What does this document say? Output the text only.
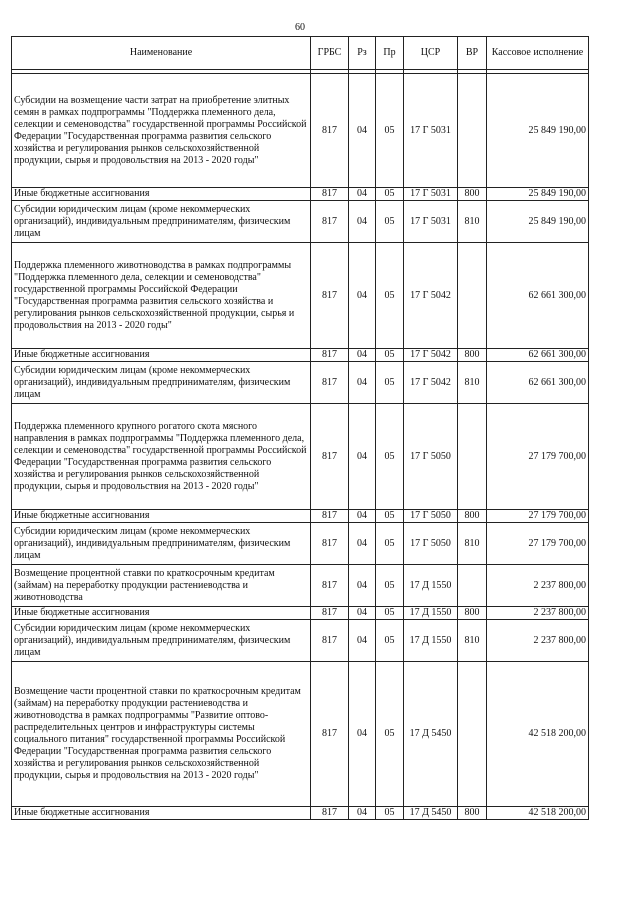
60
Наименование	ГРБС	Рз	Пр	ЦСР	ВР	Кассовое исполнение

Субсидии на возмещение части затрат на приобретение элитных семян в рамках подпрограммы "Поддержка племенного дела, селекции и семеноводства" государственной программы Российской Федерации "Государственная программа развития сельского хозяйства и регулирования рынков сельскохозяйственной продукции, сырья и продовольствия на 2013 - 2020 годы"	817	04	05	17 Г 5031		25 849 190,00
Иные бюджетные ассигнования	817	04	05	17 Г 5031	800	25 849 190,00
Субсидии юридическим лицам (кроме некоммерческих организаций), индивидуальным предпринимателям, физическим лицам	817	04	05	17 Г 5031	810	25 849 190,00
Поддержка племенного животноводства в рамках подпрограммы "Поддержка племенного дела, селекции и семеноводства" государственной программы Российской Федерации "Государственная программа развития сельского хозяйства и регулирования рынков сельскохозяйственной продукции, сырья и продовольствия на 2013 - 2020 годы"	817	04	05	17 Г 5042		62 661 300,00
Иные бюджетные ассигнования	817	04	05	17 Г 5042	800	62 661 300,00
Субсидии юридическим лицам (кроме некоммерческих организаций), индивидуальным предпринимателям, физическим лицам	817	04	05	17 Г 5042	810	62 661 300,00
Поддержка племенного крупного рогатого скота мясного направления в рамках подпрограммы "Поддержка племенного дела, селекции и семеноводства" государственной программы Российской Федерации "Государственная программа развития сельского хозяйства и регулирования рынков сельскохозяйственной продукции, сырья и продовольствия на 2013 - 2020 годы"	817	04	05	17 Г 5050		27 179 700,00
Иные бюджетные ассигнования	817	04	05	17 Г 5050	800	27 179 700,00
Субсидии юридическим лицам (кроме некоммерческих организаций), индивидуальным предпринимателям, физическим лицам	817	04	05	17 Г 5050	810	27 179 700,00
Возмещение процентной ставки по краткосрочным кредитам (займам) на переработку продукции растениеводства и животноводства	817	04	05	17 Д 1550		2 237 800,00
Иные бюджетные ассигнования	817	04	05	17 Д 1550	800	2 237 800,00
Субсидии юридическим лицам (кроме некоммерческих организаций), индивидуальным предпринимателям, физическим лицам	817	04	05	17 Д 1550	810	2 237 800,00
Возмещение части процентной ставки по краткосрочным кредитам (займам) на переработку продукции растениеводства и животноводства в рамках подпрограммы "Развитие оптово-распределительных центров и инфраструктуры системы социального питания" государственной программы Российской Федерации "Государственная программа развития сельского хозяйства и регулирования рынков сельскохозяйственной продукции, сырья и продовольствия на 2013 - 2020 годы"	817	04	05	17 Д 5450		42 518 200,00
Иные бюджетные ассигнования	817	04	05	17 Д 5450	800	42 518 200,00
